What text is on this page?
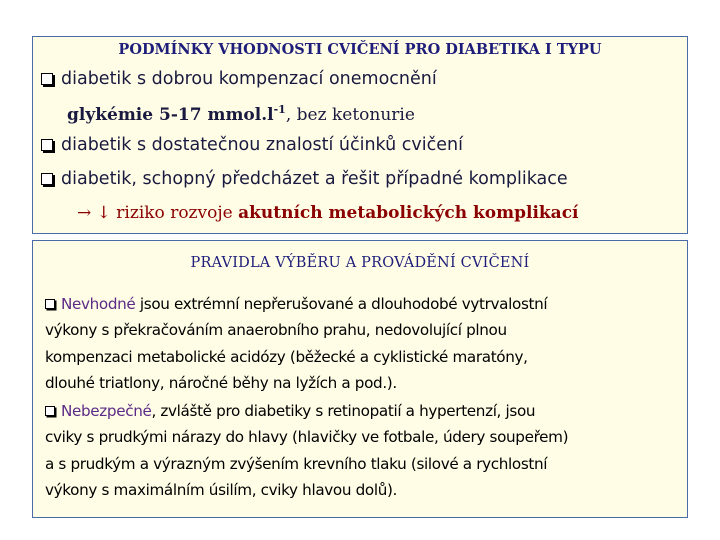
PODMÍNKY VHODNOSTI CVIČENÍ PRO DIABETIKA I TYPU
diabetik s dobrou kompenzací onemocnění
glykémie 5-17 $mmol.l^{-1}$, bez ketonurie
diabetik s dostatečnou znalostí účinků cvičení
diabetik, schopný předcházet a řešit případné komplikace
→ ↓ riziko rozvoje akutních metabolických komplikací
PRAVIDLA VÝBĚRU A PROVÁDĚNÍ CVIČENÍ
Nevhodné jsou extrémní nepřerušované a dlouhodobé vytrvalostní
výkony s překračováním anaerobního prahu, nedovolující plnou
kompenzaci metabolické acidózy (běžecké a cyklistické maratóny,
dlouhé triatlony, náročné běhy na lyžích a pod.).
Nebezpečné, zvláště pro diabetiky s retinopatií a hypertenzí, jsou
cviky s prudkými nárazy do hlavy (hlavičky ve fotbale, údery soupeřem)
a s prudkým a výrazným zvýšením krevního tlaku (silové a rychlostní
výkony s maximálním úsilím, cviky hlavou dolů).
